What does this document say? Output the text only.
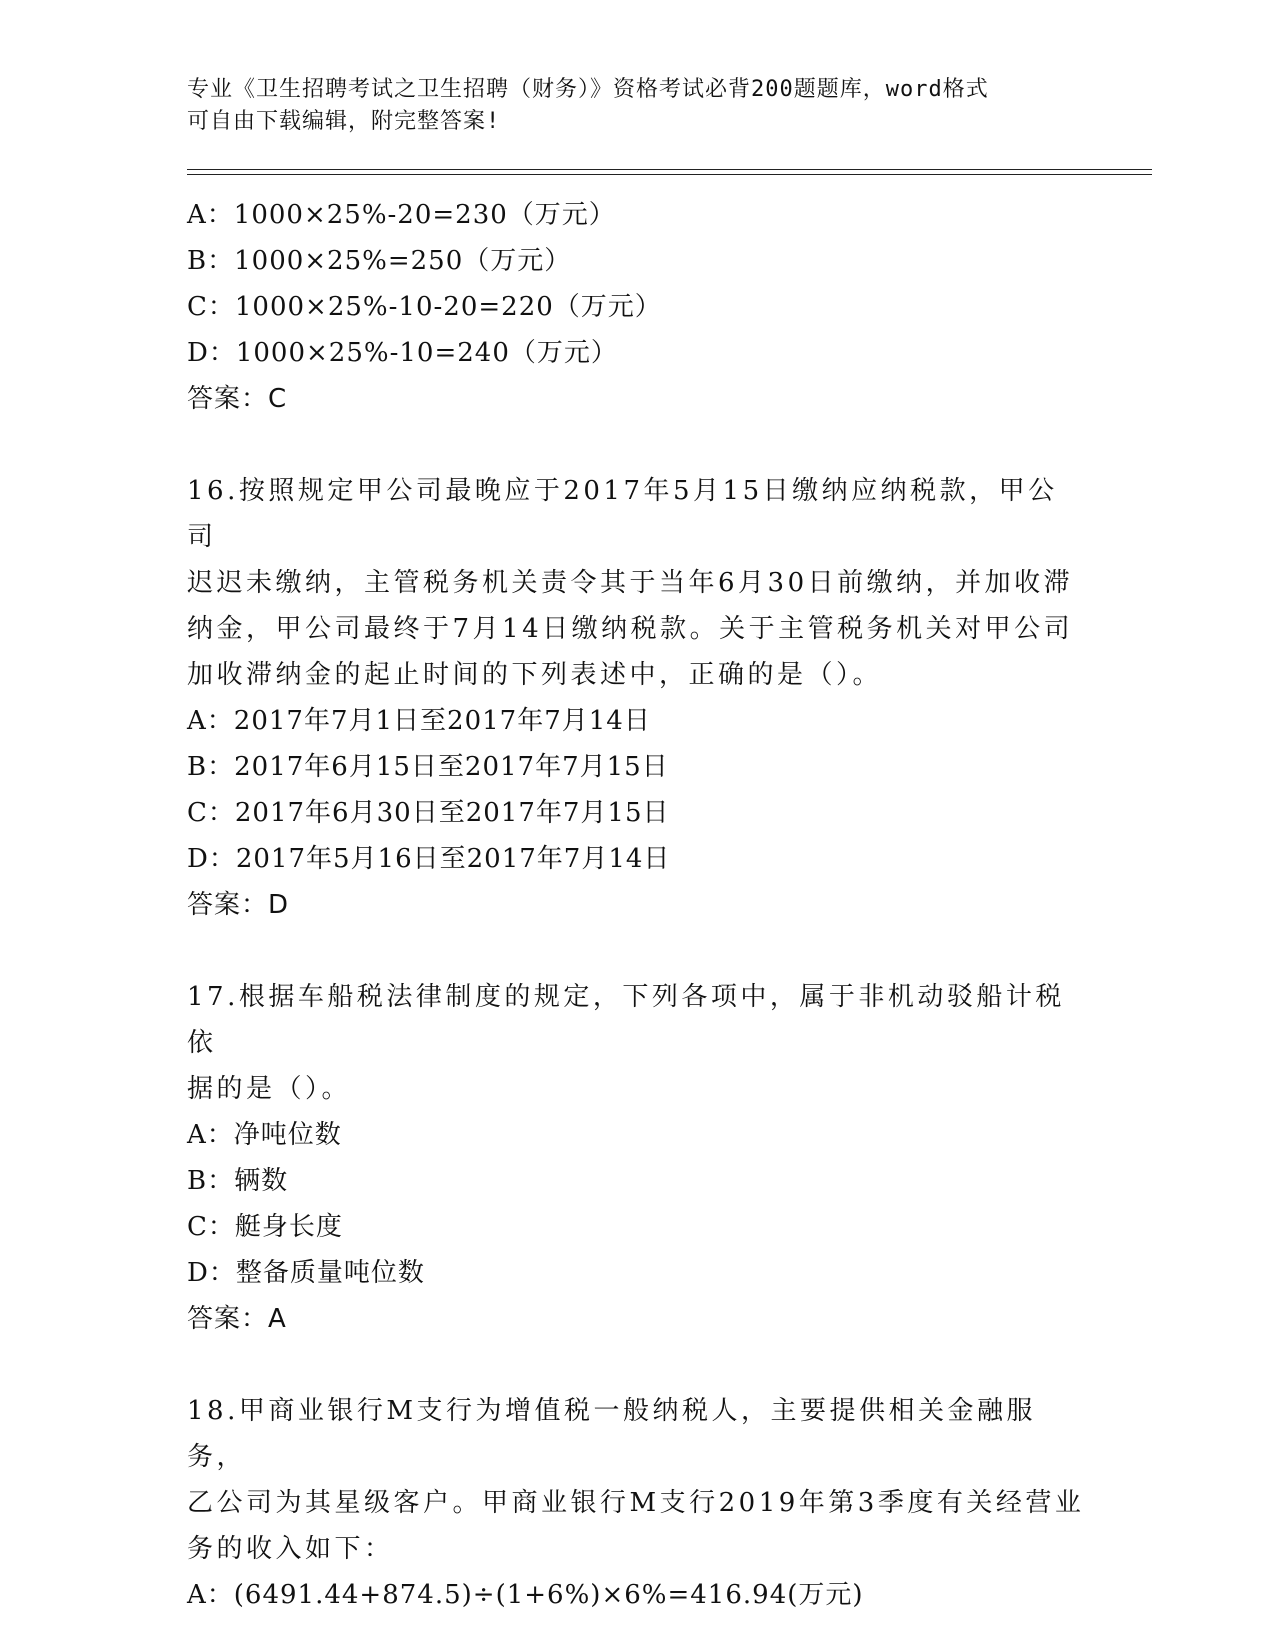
专业《卫生招聘考试之卫生招聘（财务）》资格考试必背200题题库，word格式
可自由下载编辑，附完整答案!
A：1000×25%-20=230（万元）
B：1000×25%=250（万元）
C：1000×25%-10-20=220（万元）
D：1000×25%-10=240（万元）
答案：C
16.按照规定甲公司最晚应于2017年5月15日缴纳应纳税款，甲公司
迟迟未缴纳，主管税务机关责令其于当年6月30日前缴纳，并加收滞
纳金，甲公司最终于7月14日缴纳税款。关于主管税务机关对甲公司
加收滞纳金的起止时间的下列表述中，正确的是（）。
A：2017年7月1日至2017年7月14日
B：2017年6月15日至2017年7月15日
C：2017年6月30日至2017年7月15日
D：2017年5月16日至2017年7月14日
答案：D
17.根据车船税法律制度的规定，下列各项中，属于非机动驳船计税依
据的是（）。
A：净吨位数
B：辆数
C：艇身长度
D：整备质量吨位数
答案：A
18.甲商业银行M支行为增值税一般纳税人，主要提供相关金融服务，
乙公司为其星级客户。甲商业银行M支行2019年第3季度有关经营业
务的收入如下：
A：(6491.44+874.5)÷(1+6%)×6%=416.94(万元)
